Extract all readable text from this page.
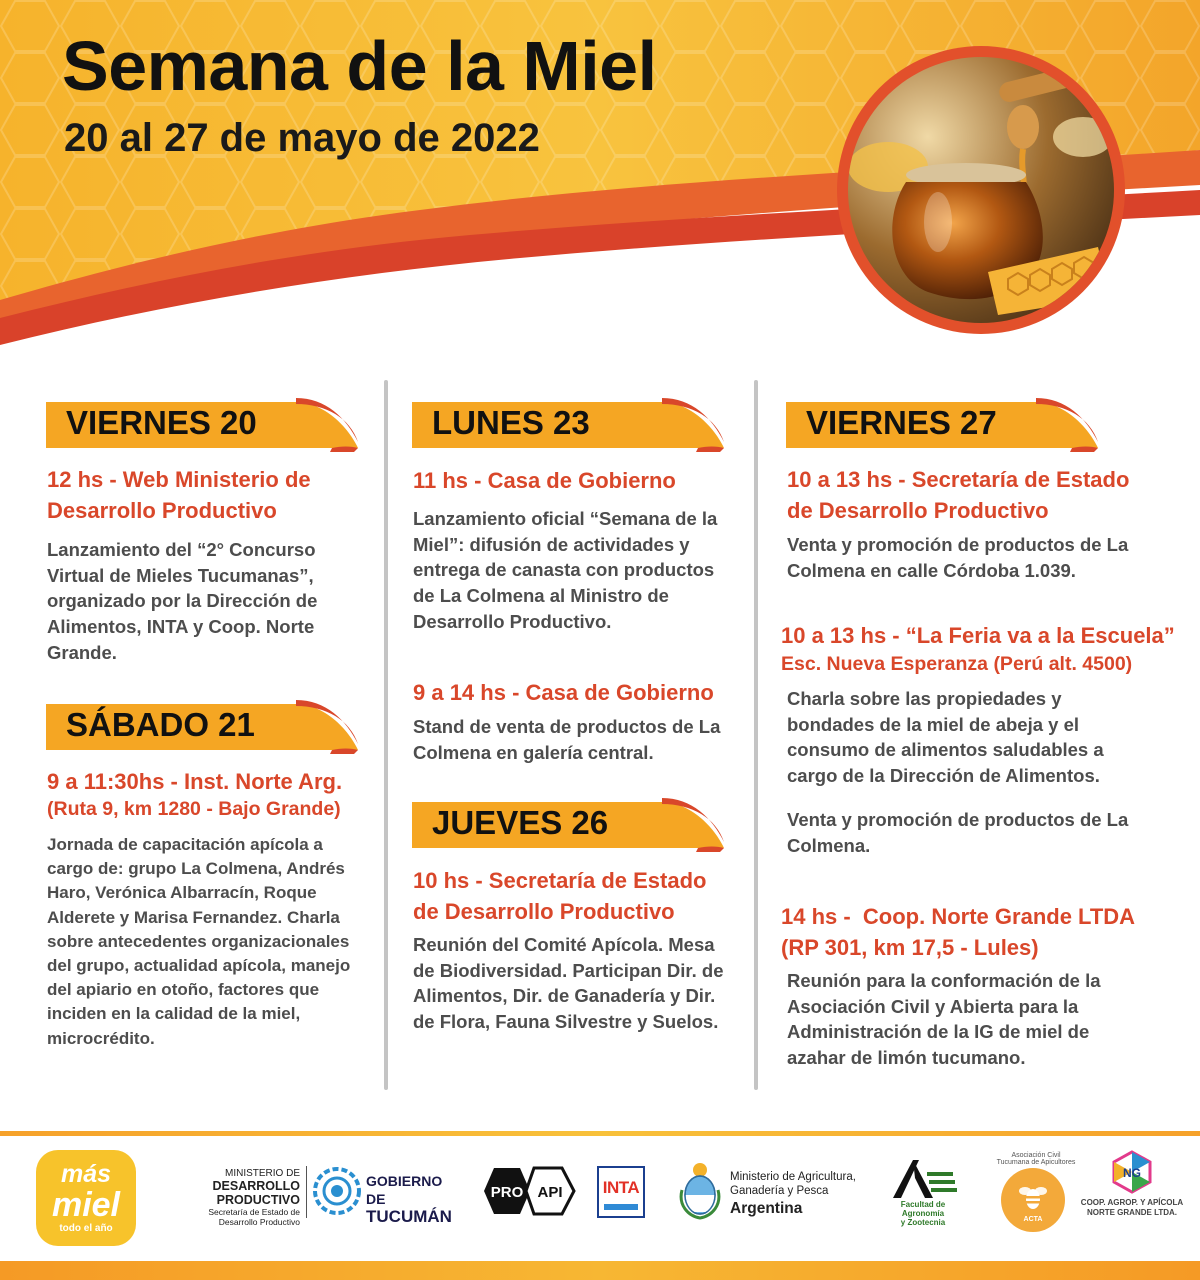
Semana de la Miel
20 al 27 de mayo de 2022
VIERNES 20
12 hs - Web Ministerio de
Desarrollo Productivo
Lanzamiento del “2° Concurso Virtual de Mieles Tucumanas”, organizado por la Dirección de Alimentos, INTA y Coop. Norte Grande.
SÁBADO 21
9 a 11:30hs - Inst. Norte Arg.
(Ruta 9, km 1280 - Bajo Grande)
Jornada de capacitación apícola a cargo de: grupo La Colmena, Andrés Haro, Verónica Albarracín, Roque Alderete y Marisa Fernandez. Charla sobre antecedentes organizacionales del grupo, actualidad apícola, manejo del apiario en otoño, factores que inciden en la calidad de la miel, microcrédito.
LUNES 23
11 hs - Casa de Gobierno
Lanzamiento oficial “Semana de la Miel”: difusión de actividades y entrega de canasta con productos de La Colmena al Ministro de Desarrollo Productivo.
9 a 14 hs - Casa de Gobierno
Stand de venta de productos de La Colmena en galería central.
JUEVES 26
10 hs - Secretaría de Estado
de Desarrollo Productivo
Reunión del Comité Apícola. Mesa de Biodiversidad. Participan Dir. de Alimentos, Dir. de Ganadería y Dir. de Flora, Fauna Silvestre y Suelos.
VIERNES 27
10 a 13 hs - Secretaría de Estado
de Desarrollo Productivo
Venta y promoción de productos de La Colmena en calle Córdoba 1.039.
10 a 13 hs - “La Feria va a la Escuela”
Esc. Nueva Esperanza (Perú alt. 4500)
Charla sobre las propiedades y bondades de la miel de abeja y el consumo de alimentos saludables a cargo de la Dirección de Alimentos.
Venta y promoción de productos de La Colmena.
14 hs -  Coop. Norte Grande LTDA
(RP 301, km 17,5 - Lules)
Reunión para la conformación de la Asociación Civil y Abierta para la Administración de la IG de miel de azahar de limón tucumano.
más
miel
todo el año
MINISTERIO DE
DESARROLLO PRODUCTIVO
Secretaría de Estado de
Desarrollo Productivo
GOBIERNO DE
TUCUMÁN
PRO API INTA
Ministerio de Agricultura,
Ganadería y Pesca
Argentina	Facultad de
Agronomía
y Zootecnia
Asociación Civil Tucumana de Apicultores
ACTA
NG
COOP. AGROP. Y APÍCOLA
NORTE GRANDE LTDA.
